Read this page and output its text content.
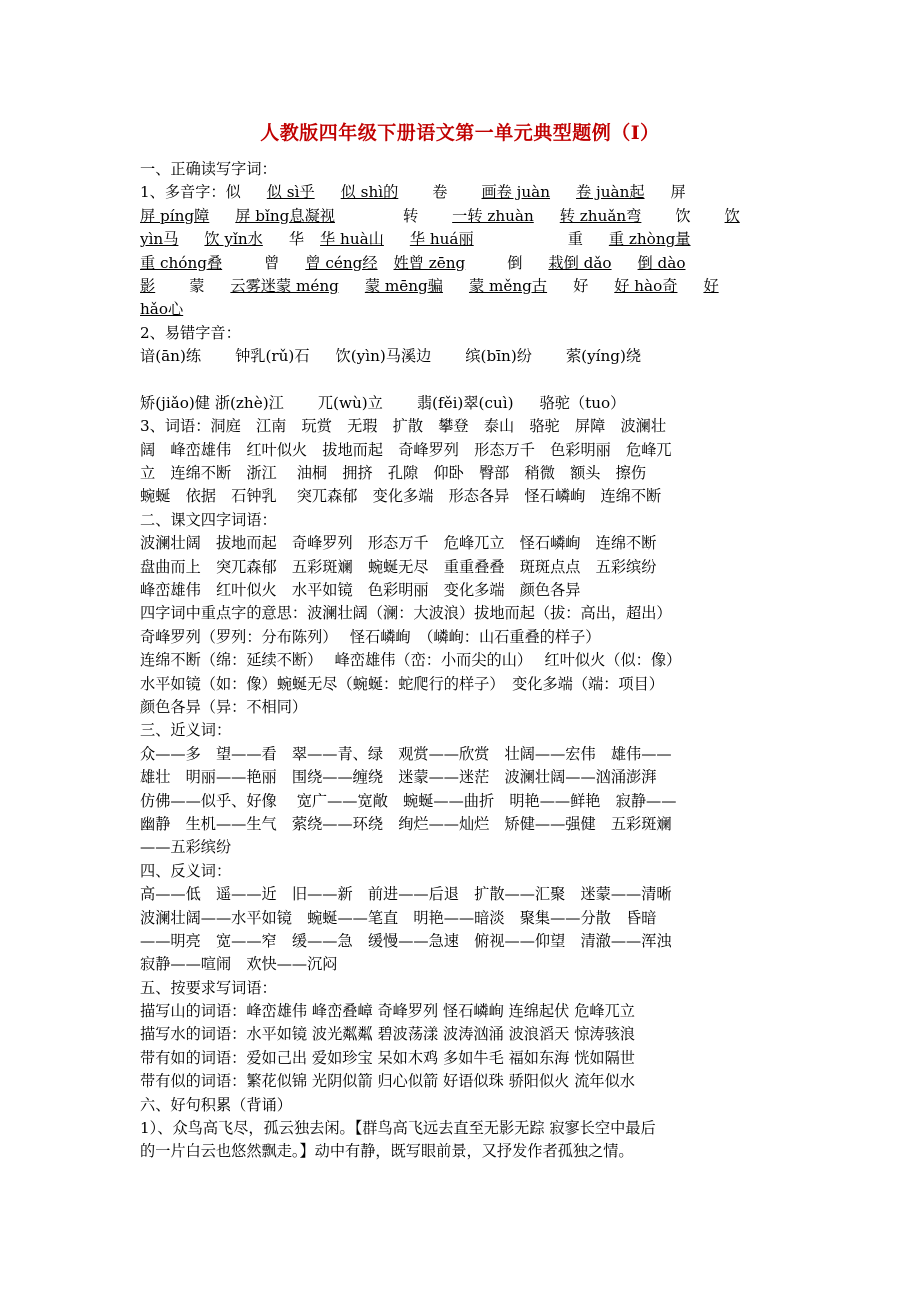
人教版四年级下册语文第一单元典型题例（I）
一、正确读写字词：
1、多音字：似 似 sì乎 似 shì的 卷 画卷 juàn 卷 juàn起 屏
屏 píng障 屏 bǐng息凝视	转 一转 zhuàn 转 zhuǎn弯 饮 饮
yìn马 饮 yǐn水 华 华 huà山 华 huá丽	重 重 zhòng量
重 chóng叠	曾 曾 céng经 姓曾 zēng	倒 栽倒 dǎo 倒 dào
影 蒙 云雾迷蒙 méng 蒙 mēng骗 蒙 měng古 好 好 hào奇 好
hǎo心
2、易错字音：
谙(ān)练 钟乳(rǔ)石 饮(yìn)马溪边 缤(bīn)纷 萦(yíng)绕
矫(jiǎo)健 浙(zhè)江 兀(wù)立 翡(fěi)翠(cuì) 骆驼（tuo）
3、词语：洞庭　江南　玩赏　无瑕　扩散　攀登　泰山　骆驼　屏障　波澜壮
阔　峰峦雄伟　红叶似火　拔地而起　奇峰罗列　形态万千　色彩明丽　危峰兀
立　连绵不断　浙江　 油桐　拥挤　孔隙　仰卧　臀部　稍微　额头　擦伤
蜿蜒　依据　石钟乳　 突兀森郁　变化多端　形态各异　怪石嶙峋　连绵不断
二、课文四字词语：
波澜壮阔　拔地而起　奇峰罗列　形态万千　危峰兀立　怪石嶙峋　连绵不断
盘曲而上　突兀森郁　五彩斑斓　蜿蜒无尽　重重叠叠　斑斑点点　五彩缤纷
峰峦雄伟　红叶似火　水平如镜　色彩明丽　变化多端　颜色各异
四字词中重点字的意思：波澜壮阔（澜：大波浪）拔地而起（拔：高出，超出）
奇峰罗列（罗列：分布陈列）　 怪石嶙峋　（嶙峋：山石重叠的样子）
连绵不断（绵：延续不断）　 峰峦雄伟（峦：小而尖的山）　 红叶似火（似：像）
水平如镜（如：像）蜿蜒无尽（蜿蜒：蛇爬行的样子）　变化多端（端：项目）
颜色各异（异：不相同）
三、近义词：
众——多　望——看　翠——青、绿　观赏——欣赏　壮阔——宏伟　雄伟——
雄壮　明丽——艳丽　围绕——缠绕　迷蒙——迷茫　波澜壮阔——汹涌澎湃
仿佛——似乎、好像　 宽广——宽敞　蜿蜒——曲折　明艳——鲜艳　寂静——
幽静　生机——生气　萦绕——环绕　绚烂——灿烂　矫健——强健　五彩斑斓
——五彩缤纷
四、反义词：
高——低　遥——近　旧——新　前进——后退　扩散——汇聚　迷蒙——清晰
波澜壮阔——水平如镜　蜿蜒——笔直　明艳——暗淡　聚集——分散　昏暗
——明亮　宽——窄　缓——急　缓慢——急速　俯视——仰望　清澈——浑浊
寂静——喧闹　欢快——沉闷
五、按要求写词语：
描写山的词语：峰峦雄伟 峰峦叠嶂 奇峰罗列 怪石嶙峋 连绵起伏 危峰兀立
描写水的词语：水平如镜 波光粼粼 碧波荡漾 波涛汹涌 波浪滔天 惊涛骇浪
带有如的词语：爱如己出 爱如珍宝 呆如木鸡 多如牛毛 福如东海 恍如隔世
带有似的词语：繁花似锦 光阴似箭 归心似箭 好语似珠 骄阳似火 流年似水
六、好句积累（背诵）
1）、众鸟高飞尽，孤云独去闲。【群鸟高飞远去直至无影无踪 寂寥长空中最后
的一片白云也悠然飘走。】动中有静，既写眼前景，又抒发作者孤独之情。
